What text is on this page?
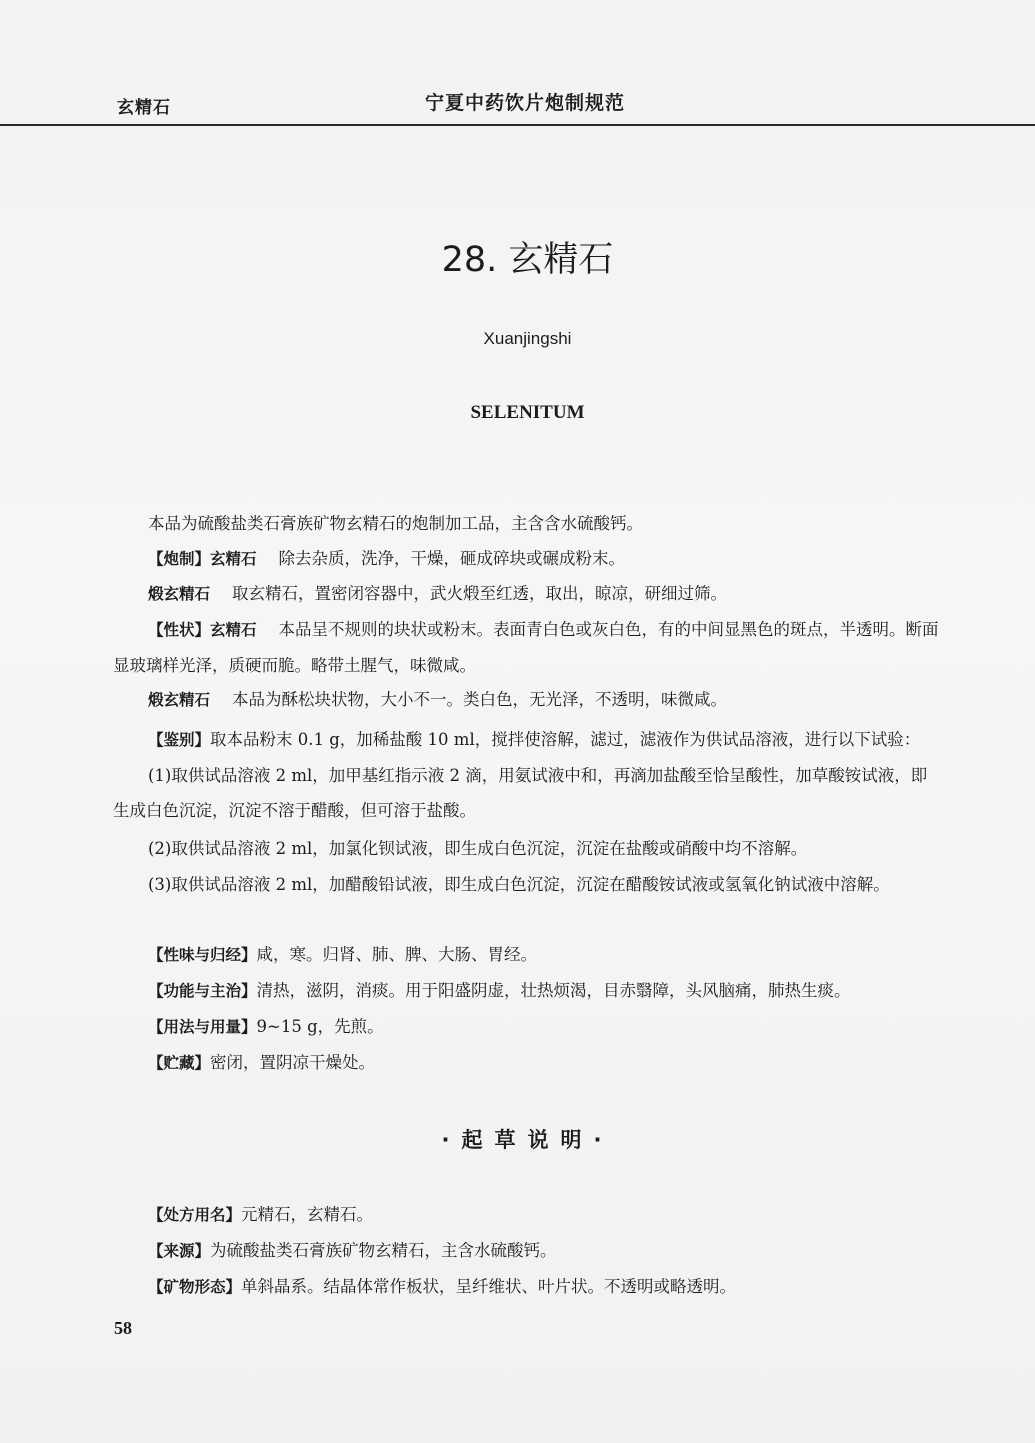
玄精石	宁夏中药饮片炮制规范
28. 玄精石
Xuanjingshi
SELENITUM

本品为硫酸盐类石膏族矿物玄精石的炮制加工品，主含含水硫酸钙。

【炮制】玄精石 除去杂质，洗净，干燥，砸成碎块或碾成粉末。

煅玄精石 取玄精石，置密闭容器中，武火煅至红透，取出，晾凉，研细过筛。

【性状】玄精石 本品呈不规则的块状或粉末。表面青白色或灰白色，有的中间显黑色的斑点，半透明。断面显玻璃样光泽，质硬而脆。略带土腥气，味微咸。

煅玄精石 本品为酥松块状物，大小不一。类白色，无光泽，不透明，味微咸。

【鉴别】取本品粉末 0.1 g，加稀盐酸 10 ml，搅拌使溶解，滤过，滤液作为供试品溶液，进行以下试验：

(1)取供试品溶液 2 ml，加甲基红指示液 2 滴，用氨试液中和，再滴加盐酸至恰呈酸性，加草酸铵试液，即生成白色沉淀，沉淀不溶于醋酸，但可溶于盐酸。

(2)取供试品溶液 2 ml，加氯化钡试液，即生成白色沉淀，沉淀在盐酸或硝酸中均不溶解。

(3)取供试品溶液 2 ml，加醋酸铅试液，即生成白色沉淀，沉淀在醋酸铵试液或氢氧化钠试液中溶解。

【性味与归经】咸，寒。归肾、肺、脾、大肠、胃经。

【功能与主治】清热，滋阴，消痰。用于阳盛阴虚，壮热烦渴，目赤翳障，头风脑痛，肺热生痰。

【用法与用量】9~15 g，先煎。

【贮藏】密闭，置阴凉干燥处。

·起草说明·

【处方用名】元精石，玄精石。

【来源】为硫酸盐类石膏族矿物玄精石，主含水硫酸钙。

【矿物形态】单斜晶系。结晶体常作板状，呈纤维状、叶片状。不透明或略透明。

58
